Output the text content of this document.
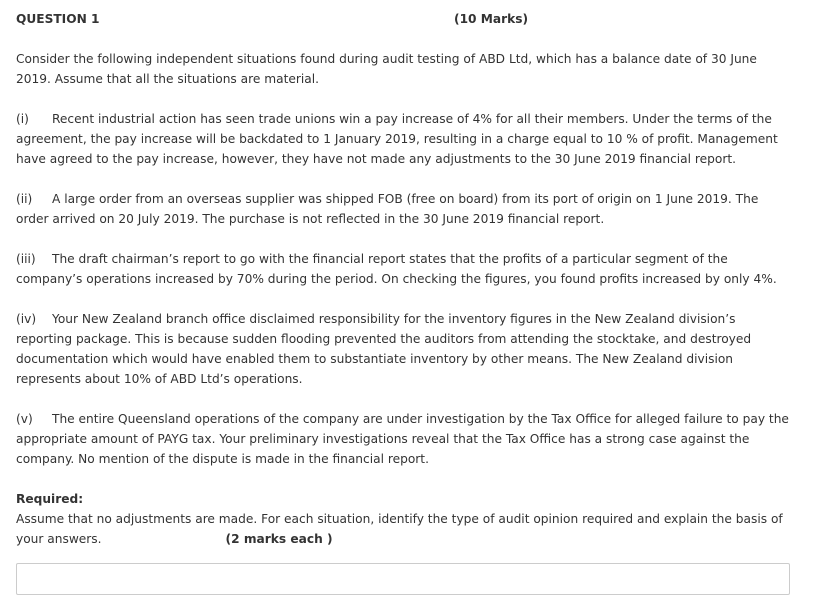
QUESTION 1	(10 Marks)

Consider the following independent situations found during audit testing of ABD Ltd, which has a balance date of 30 June 2019. Assume that all the situations are material.

(i) Recent industrial action has seen trade unions win a pay increase of 4% for all their members. Under the terms of the agreement, the pay increase will be backdated to 1 January 2019, resulting in a charge equal to 10 % of profit. Management have agreed to the pay increase, however, they have not made any adjustments to the 30 June 2019 financial report.

(ii) A large order from an overseas supplier was shipped FOB (free on board) from its port of origin on 1 June 2019. The order arrived on 20 July 2019. The purchase is not reflected in the 30 June 2019 financial report.

(iii) The draft chairman’s report to go with the financial report states that the profits of a particular segment of the company’s operations increased by 70% during the period. On checking the figures, you found profits increased by only 4%.

(iv) Your New Zealand branch office disclaimed responsibility for the inventory figures in the New Zealand division’s reporting package. This is because sudden flooding prevented the auditors from attending the stocktake, and destroyed documentation which would have enabled them to substantiate inventory by other means. The New Zealand division represents about 10% of ABD Ltd’s operations.

(v) The entire Queensland operations of the company are under investigation by the Tax Office for alleged failure to pay the appropriate amount of PAYG tax. Your preliminary investigations reveal that the Tax Office has a strong case against the company. No mention of the dispute is made in the financial report.

Required:
Assume that no adjustments are made. For each situation, identify the type of audit opinion required and explain the basis of your answers.	(2 marks each )
